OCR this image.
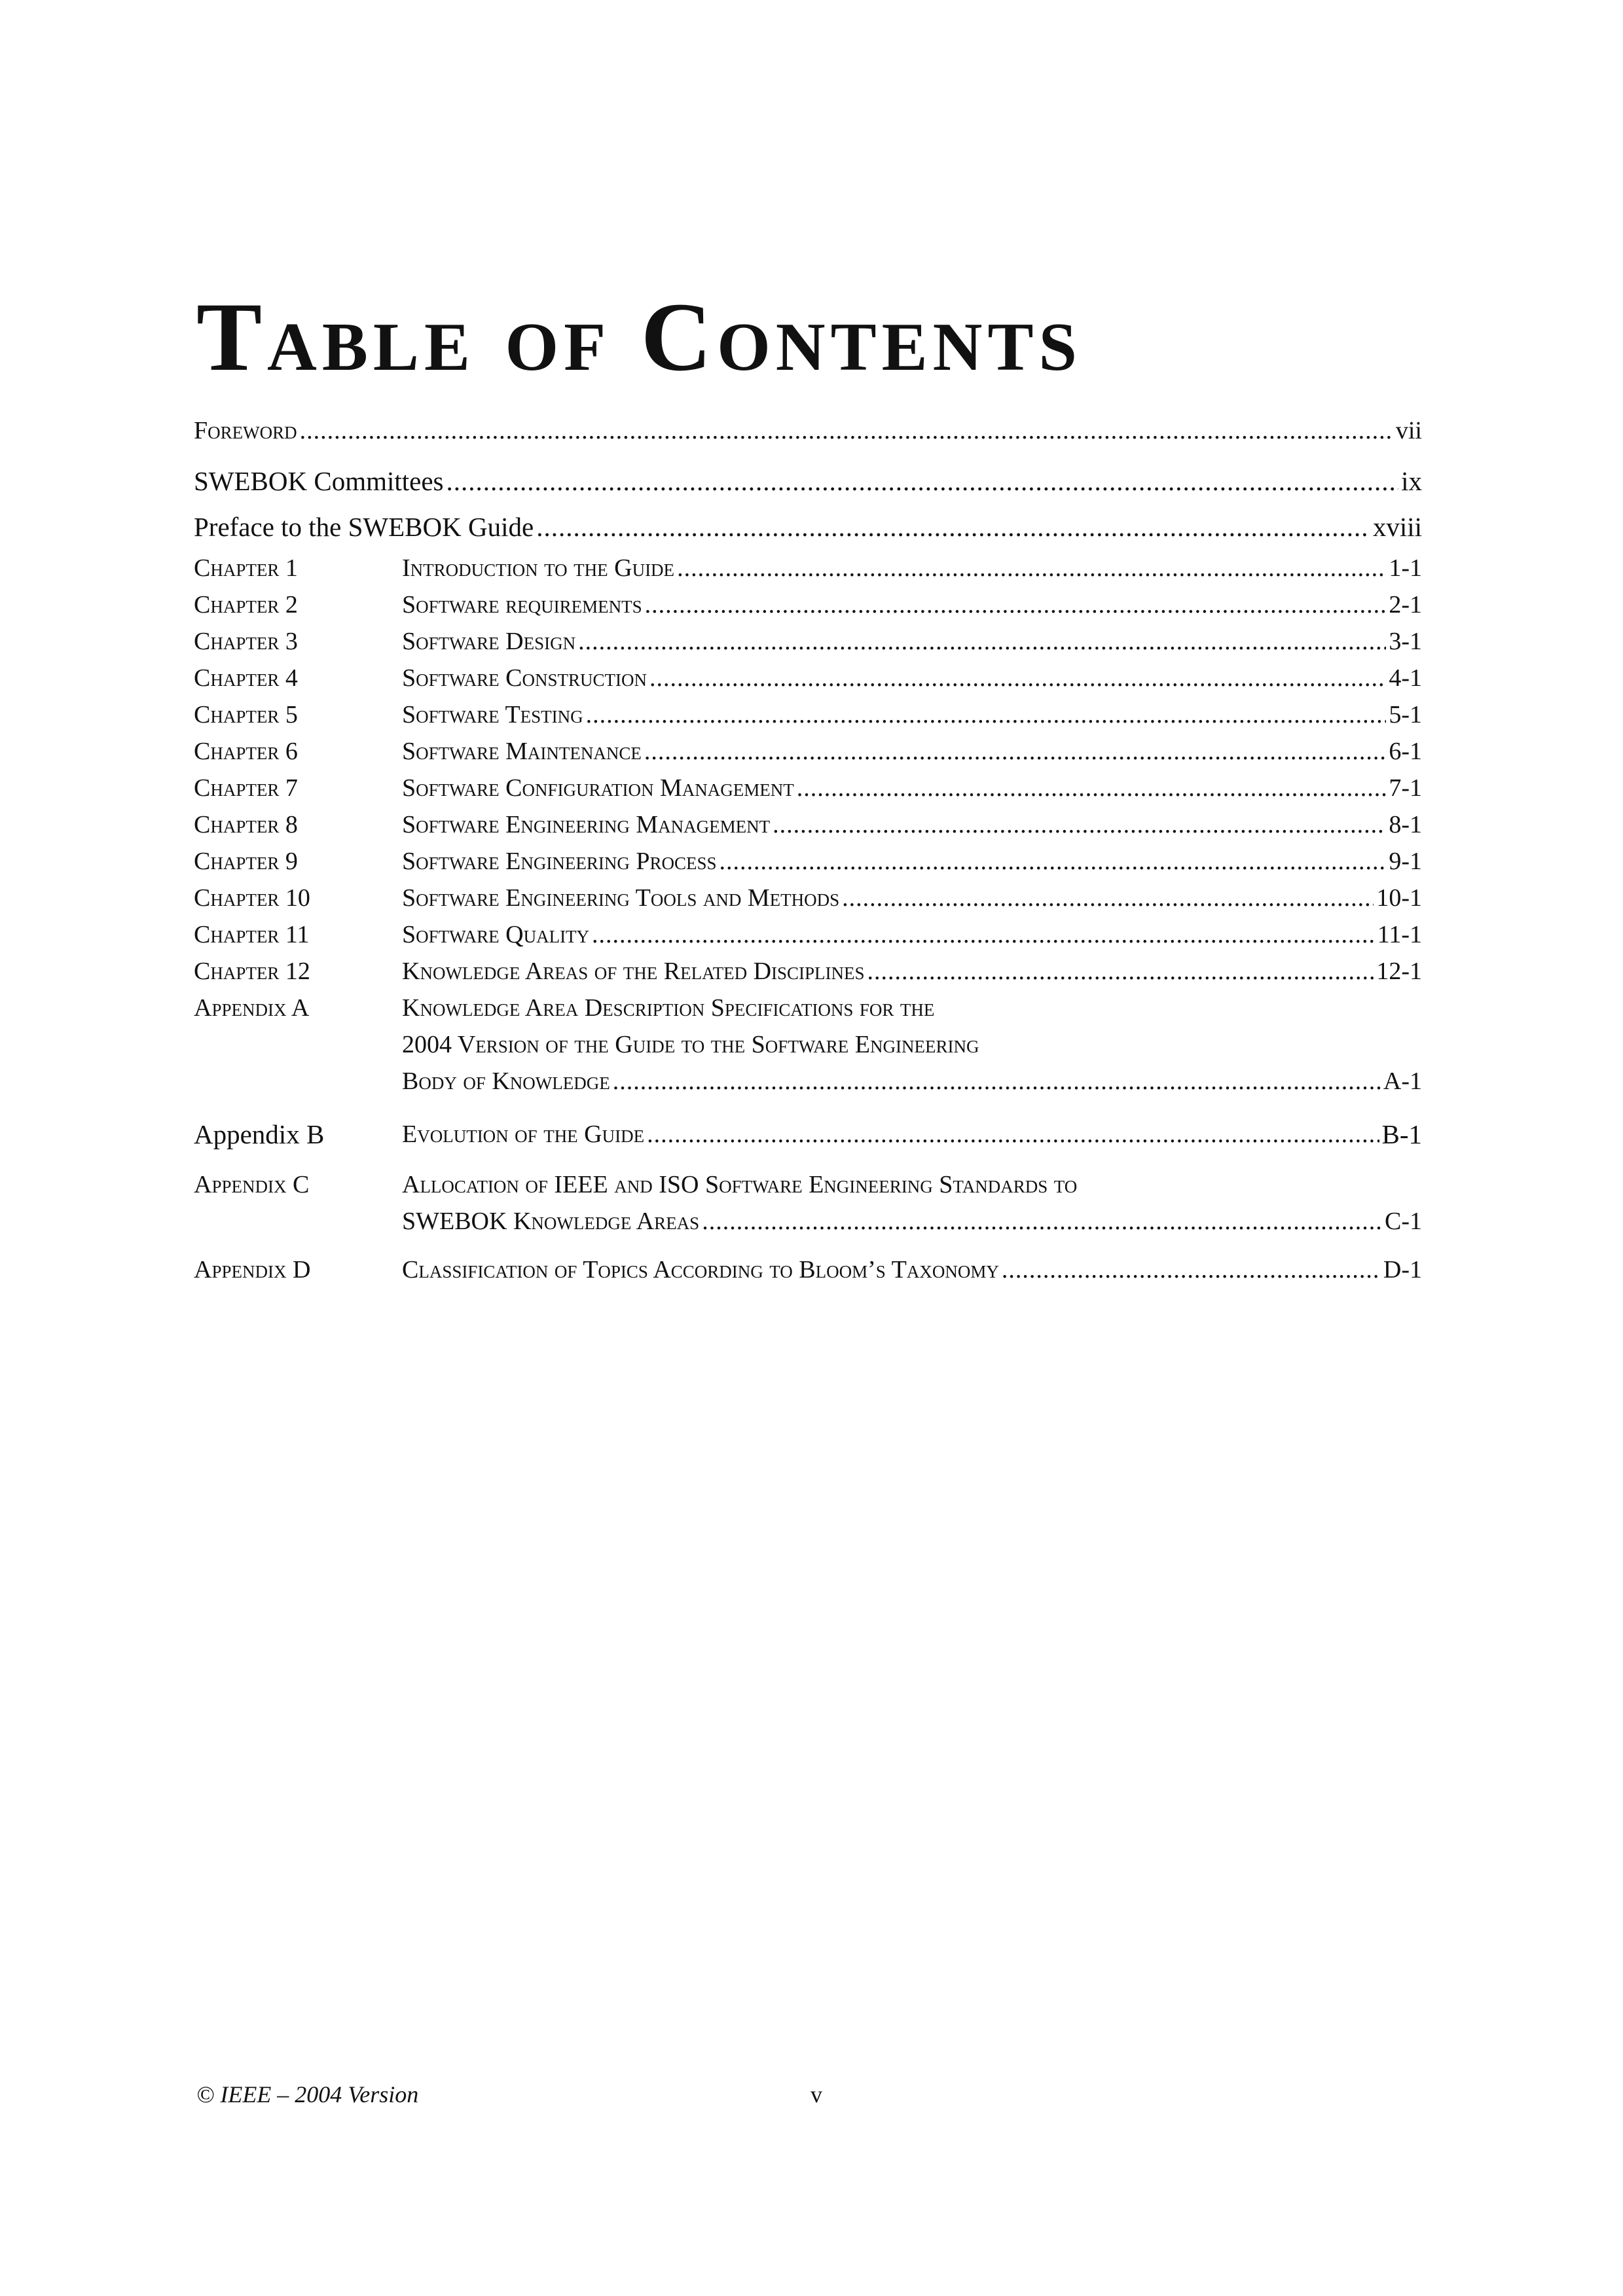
Table of Contents
Foreword .....	vii
SWEBOK Committees .....	ix
Preface to the SWEBOK Guide .....	xviii
Chapter 1	Introduction to the Guide .....	1-1
Chapter 2	Software requirements .....	2-1
Chapter 3	Software Design .....	3-1
Chapter 4	Software Construction .....	4-1
Chapter 5	Software Testing .....	5-1
Chapter 6	Software Maintenance .....	6-1
Chapter 7	Software Configuration Management .....	7-1
Chapter 8	Software Engineering Management .....	8-1
Chapter 9	Software Engineering Process .....	9-1
Chapter 10	Software Engineering Tools and Methods .....	10-1
Chapter 11	Software Quality .....	11-1
Chapter 12	Knowledge Areas of the Related Disciplines .....	12-1
Appendix A	Knowledge Area Description Specifications for the
2004 Version of the Guide to the Software Engineering
Body of Knowledge .....	A-1
Appendix B	Evolution of the Guide .....	B-1
Appendix C	Allocation of IEEE and ISO Software Engineering Standards to
SWEBOK Knowledge Areas .....	C-1
Appendix D	Classification of Topics According to Bloom’s Taxonomy .....	D-1
© IEEE – 2004 Version	v
